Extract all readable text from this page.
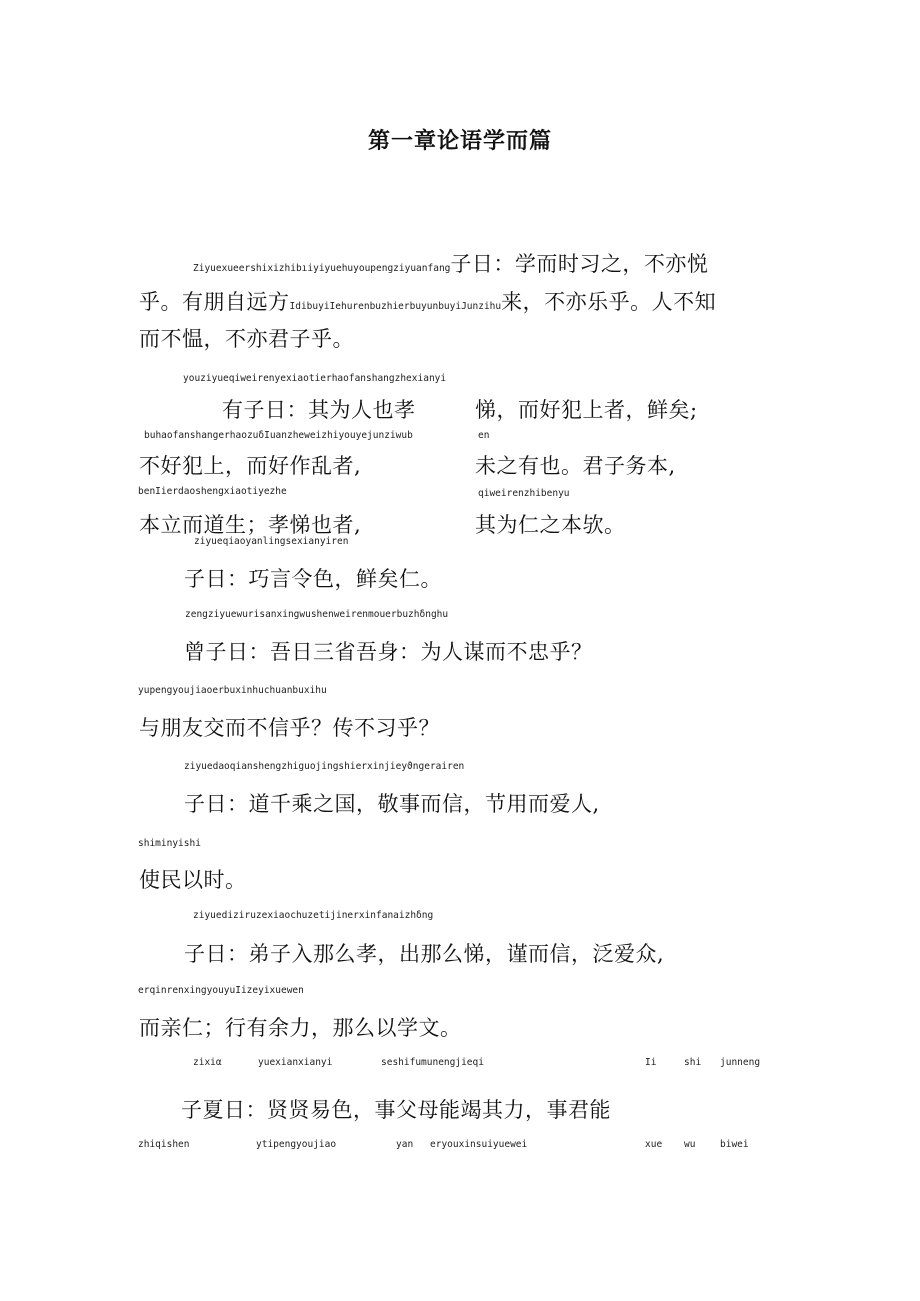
第一章论语学而篇
Ziyuexueershixizhibıiyiyuehuyoupengziyuanfang子日：学而时习之，不亦悦
乎。有朋自远方IdibuyiIehurenbuzhierbuyunbuyiJunzihu来，不亦乐乎。人不知
而不愠，不亦君子乎。
youziyueqiweirenyexiaotierhaofanshangzhexianyi
有子日：其为人也孝	悌，而好犯上者，鲜矣;
buhaofanshangerhaozuδIuanzheweizhiyouyejunziwub	en
不好犯上，而好作乱者,	未之有也。君子务本,
benIierdaoshengxiaotiyezhe	qiweirenzhibenyu
本立而道生；孝悌也者,	其为仁之本欤。
ziyueqiaoyanlingsexianyiren
子日：巧言令色，鲜矣仁。
zengziyuewurisanxingwushenweirenmouerbuzhδnghu
曾子日：吾日三省吾身：为人谋而不忠乎？
yupengyoujiaoerbuxinhuchuanbuxihu
与朋友交而不信乎？传不习乎？
ziyuedaoqianshengzhiguojingshierxinjieyϑngerairen
子日：道千乘之国，敬事而信，节用而爱人,
shiminyishi
使民以时。
ziyuediziruzexiaochuzetijinerxinfanaizhδng
子日：弟子入那么孝，出那么悌，谨而信，泛爱众,
erqinrenxingyouyuIizeyixuewen
而亲仁；行有余力，那么以学文。
zixiα	yuexianxianyi	seshifumunengjieqi	Ii	shi junneng
子夏日：贤贤易色，事父母能竭其力，事君能
zhiqishen	ytipengyoujiao	yan eryouxinsuiyuewei	xue wu	biwei
